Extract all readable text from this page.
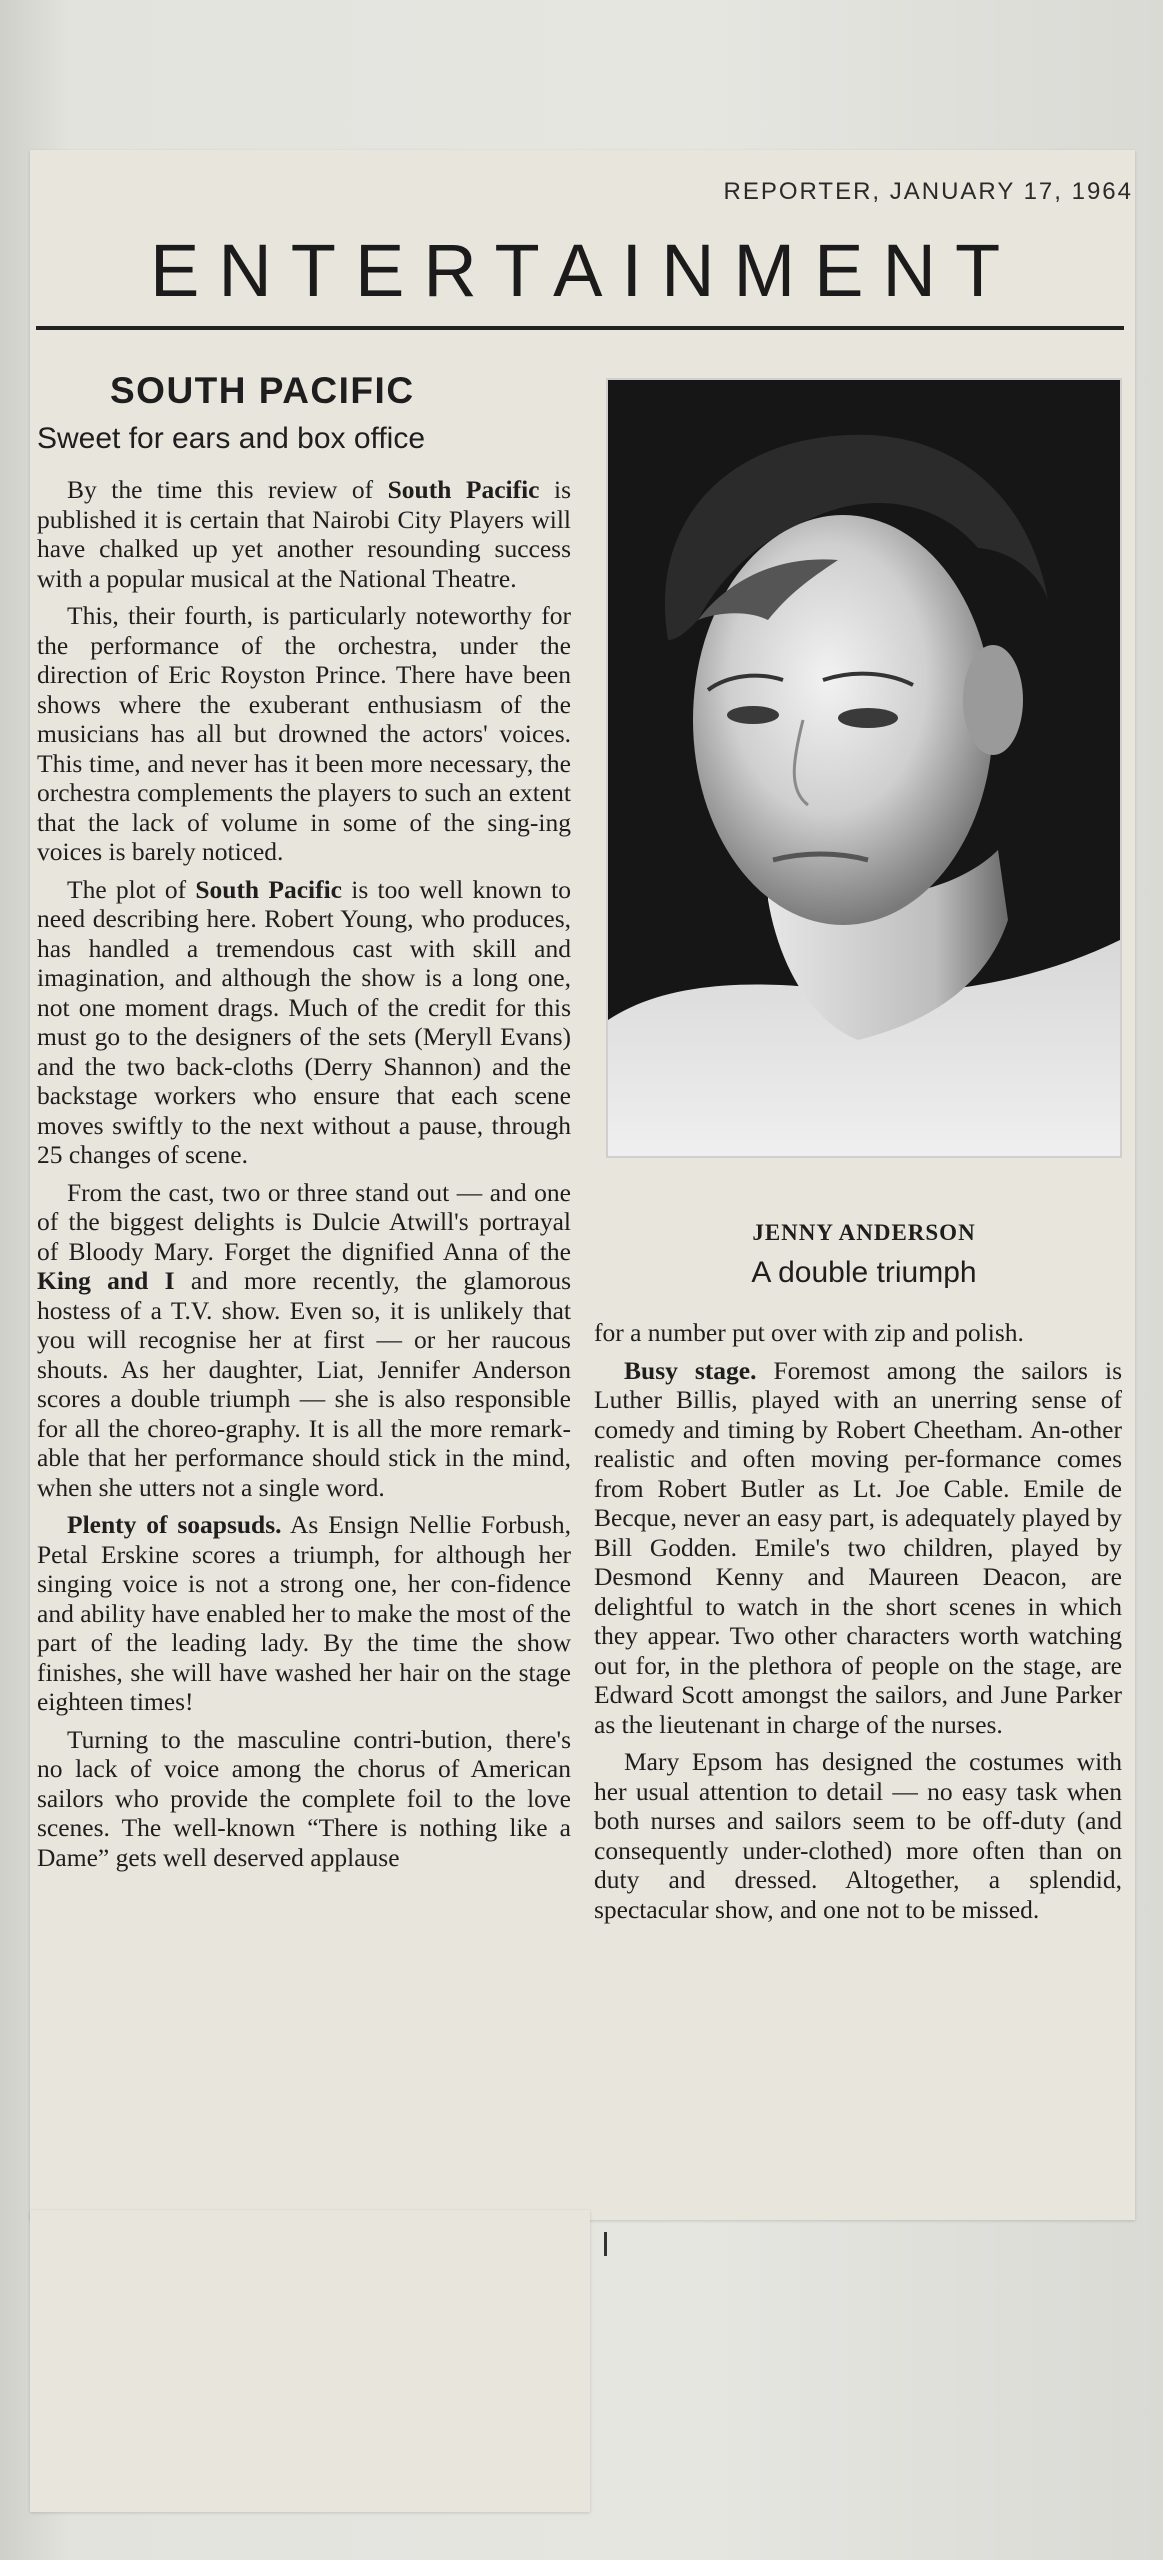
REPORTER, JANUARY 17, 1964
ENTERTAINMENT
SOUTH PACIFIC
Sweet for ears and box office

By the time this review of South Pacific is published it is certain that Nairobi City Players will have chalked up yet another resounding success with a popular musical at the National Theatre.

This, their fourth, is particularly noteworthy for the performance of the orchestra, under the direction of Eric Royston Prince. There have been shows where the exuberant enthusiasm of the musicians has all but drowned the actors' voices. This time, and never has it been more necessary, the orchestra complements the players to such an extent that the lack of volume in some of the sing-ing voices is barely noticed.

The plot of South Pacific is too well known to need describing here. Robert Young, who produces, has handled a tremendous cast with skill and imagination, and although the show is a long one, not one moment drags. Much of the credit for this must go to the designers of the sets (Meryll Evans) and the two back-cloths (Derry Shannon) and the backstage workers who ensure that each scene moves swiftly to the next without a pause, through 25 changes of scene.

From the cast, two or three stand out — and one of the biggest delights is Dulcie Atwill's portrayal of Bloody Mary. Forget the dignified Anna of the King and I and more recently, the glamorous hostess of a T.V. show. Even so, it is unlikely that you will recognise her at first — or her raucous shouts. As her daughter, Liat, Jennifer Anderson scores a double triumph — she is also responsible for all the choreo-graphy. It is all the more remark-able that her performance should stick in the mind, when she utters not a single word.

Plenty of soapsuds. As Ensign Nellie Forbush, Petal Erskine scores a triumph, for although her singing voice is not a strong one, her con-fidence and ability have enabled her to make the most of the part of the leading lady. By the time the show finishes, she will have washed her hair on the stage eighteen times!

Turning to the masculine contri-bution, there's no lack of voice among the chorus of American sailors who provide the complete foil to the love scenes. The well-known “There is nothing like a Dame” gets well deserved applause

JENNY ANDERSON
A double triumph

for a number put over with zip and polish.

Busy stage. Foremost among the sailors is Luther Billis, played with an unerring sense of comedy and timing by Robert Cheetham. An-other realistic and often moving per-formance comes from Robert Butler as Lt. Joe Cable. Emile de Becque, never an easy part, is adequately played by Bill Godden. Emile's two children, played by Desmond Kenny and Maureen Deacon, are delightful to watch in the short scenes in which they appear. Two other characters worth watching out for, in the plethora of people on the stage, are Edward Scott amongst the sailors, and June Parker as the lieutenant in charge of the nurses.

Mary Epsom has designed the costumes with her usual attention to detail — no easy task when both nurses and sailors seem to be off-duty (and consequently under-clothed) more often than on duty and dressed. Altogether, a splendid, spectacular show, and one not to be missed.
